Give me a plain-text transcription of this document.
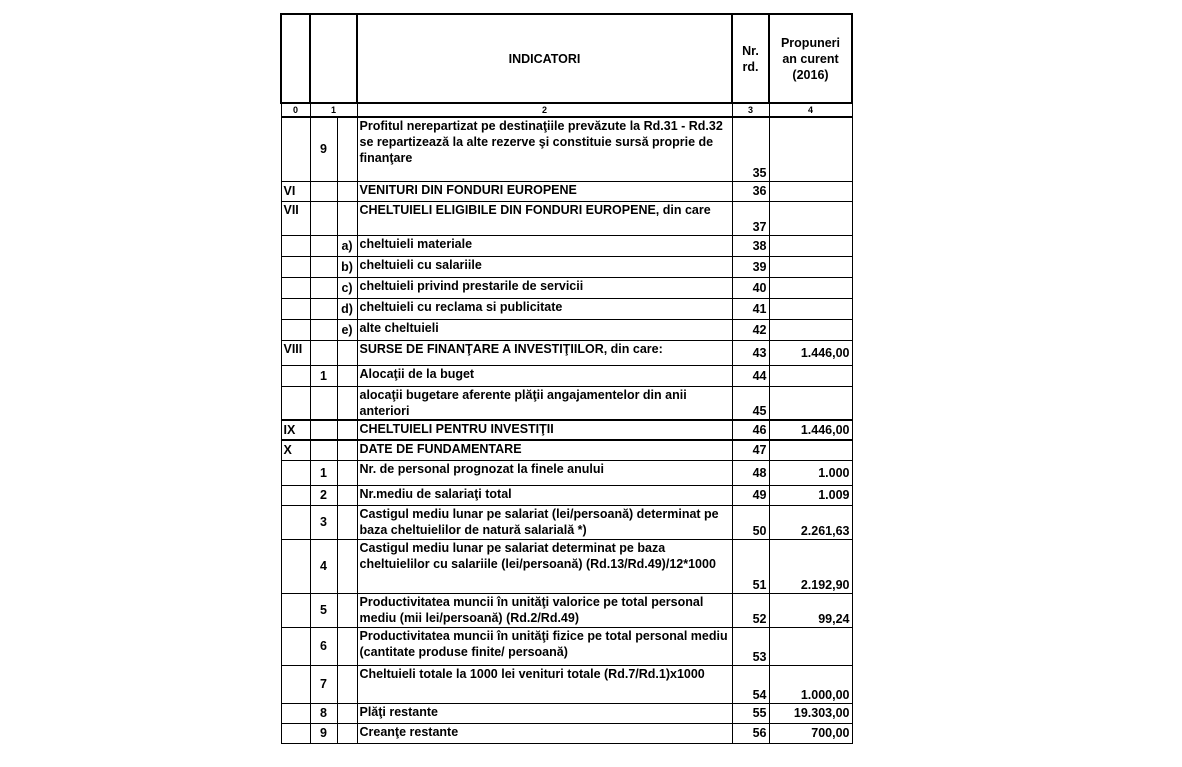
			INDICATORI	Nr. rd.	Propuneri an curent (2016)
0	1		2	3	4
	9		Profitul nerepartizat pe destinaţiile prevăzute la Rd.31 - Rd.32 se repartizează la alte rezerve şi constituie sursă proprie de finanţare	35	
VI			VENITURI DIN FONDURI EUROPENE	36	
VII			CHELTUIELI ELIGIBILE DIN FONDURI EUROPENE, din care	37	
		a)	cheltuieli materiale	38	
		b)	cheltuieli cu salariile	39	
		c)	cheltuieli privind prestarile de servicii	40	
		d)	cheltuieli cu reclama si publicitate	41	
		e)	alte cheltuieli	42	
VIII			SURSE DE FINANŢARE A INVESTIŢIILOR, din care:	43	1.446,00
	1		Alocaţii de la buget	44	
			alocaţii bugetare aferente plăţii angajamentelor din anii anteriori	45	
IX			CHELTUIELI PENTRU INVESTIŢII	46	1.446,00
X			DATE DE FUNDAMENTARE	47	
	1		Nr. de personal prognozat la finele anului	48	1.000
	2		Nr.mediu de salariaţi total	49	1.009
	3		Castigul mediu lunar pe salariat (lei/persoană) determinat pe baza cheltuielilor de natură salarială *)	50	2.261,63
	4		Castigul mediu lunar pe salariat determinat pe baza cheltuielilor cu salariile (lei/persoană) (Rd.13/Rd.49)/12*1000	51	2.192,90
	5		Productivitatea muncii în unităţi valorice pe total personal mediu (mii lei/persoană) (Rd.2/Rd.49)	52	99,24
	6		Productivitatea muncii în unităţi fizice pe total personal mediu (cantitate produse finite/ persoană)	53	
	7		Cheltuieli totale la 1000 lei venituri totale (Rd.7/Rd.1)x1000	54	1.000,00
	8		Plăţi restante	55	19.303,00
	9		Creanţe restante	56	700,00
